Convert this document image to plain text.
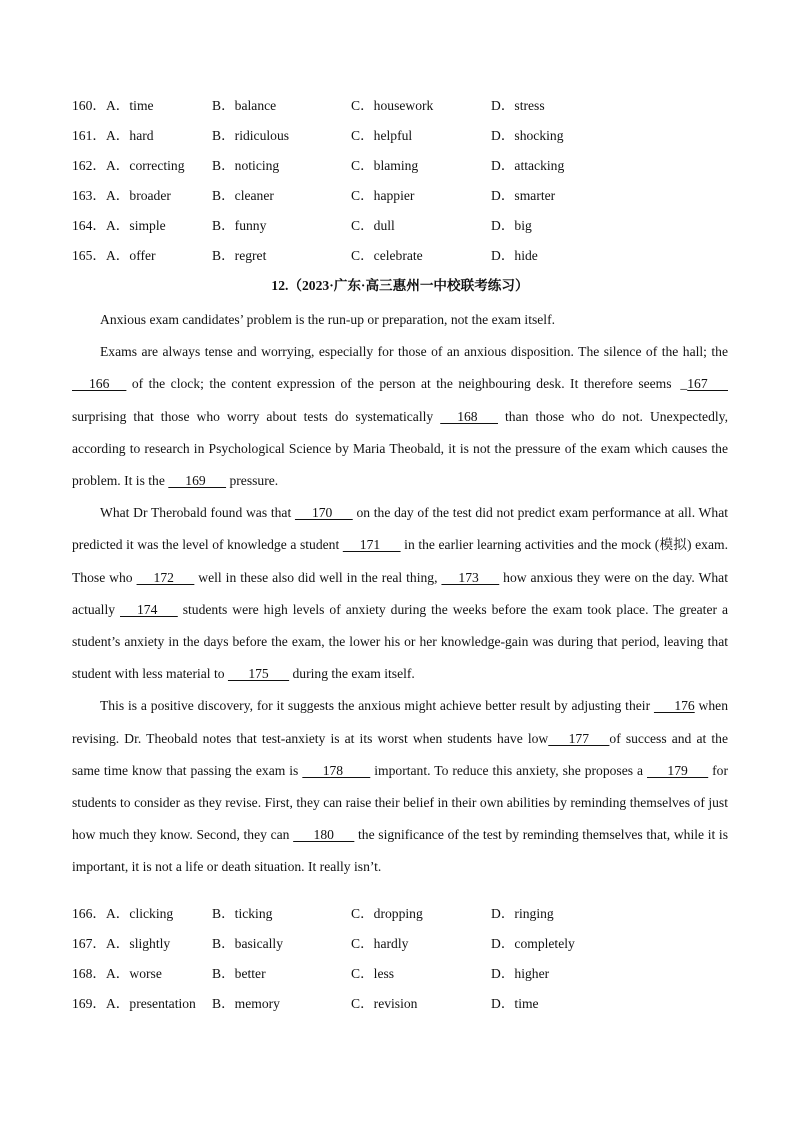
160．A．time	B．balance	C．housework	D．stress
161．A．hard	B．ridiculous	C．helpful	D．shocking
162．A．correcting B．noticing	C．blaming	D．attacking
163．A．broader	B．cleaner	C．happier	D．smarter
164．A．simple	B．funny	C．dull	D．big
165．A．offer	B．regret	C．celebrate	D．hide
12.（2023·广东·高三惠州一中校联考练习）

Anxious exam candidates’ problem is the run-up or preparation, not the exam itself.

Exams are always tense and worrying, especially for those of an anxious disposition. The silence of the hall; the      166      of the clock; the content expression of the person at the neighbouring desk. It therefore seems  _167       surprising that those who worry about tests do systematically      168       than those who do not. Unexpectedly, according to research in Psychological Science by Maria Theobald, it is not the pressure of the exam which causes the problem. It is the      169       pressure.

What Dr Therobald found was that      170       on the day of the test did not predict exam performance at all. What predicted it was the level of knowledge a student      171       in the earlier learning activities and the mock (模拟) exam. Those who      172       well in these also did well in the real thing,      173       how anxious they were on the day. What actually      174       students were high levels of anxiety during the weeks before the exam took place. The greater a student’s anxiety in the days before the exam, the lower his or her knowledge-gain was during that period, leaving that student with less material to       175       during the exam itself.

This is a positive discovery, for it suggests the anxious might achieve better result by adjusting their       176 when revising. Dr. Theobald notes that test-anxiety is at its worst when students have low      177      of success and at the same time know that passing the exam is       178         important. To reduce this anxiety, she proposes a       179       for students to consider as they revise. First, they can raise their belief in their own abilities by reminding themselves of just how much they know. Second, they can       180       the significance of the test by reminding themselves that, while it is important, it is not a life or death situation. It really isn’t.

166．A．clicking	B．ticking	C．dropping	D．ringing
167．A．slightly	B．basically	C．hardly	D．completely
168．A．worse	B．better	C．less	D．higher
169．A．presentation B．memory	C．revision	D．time
